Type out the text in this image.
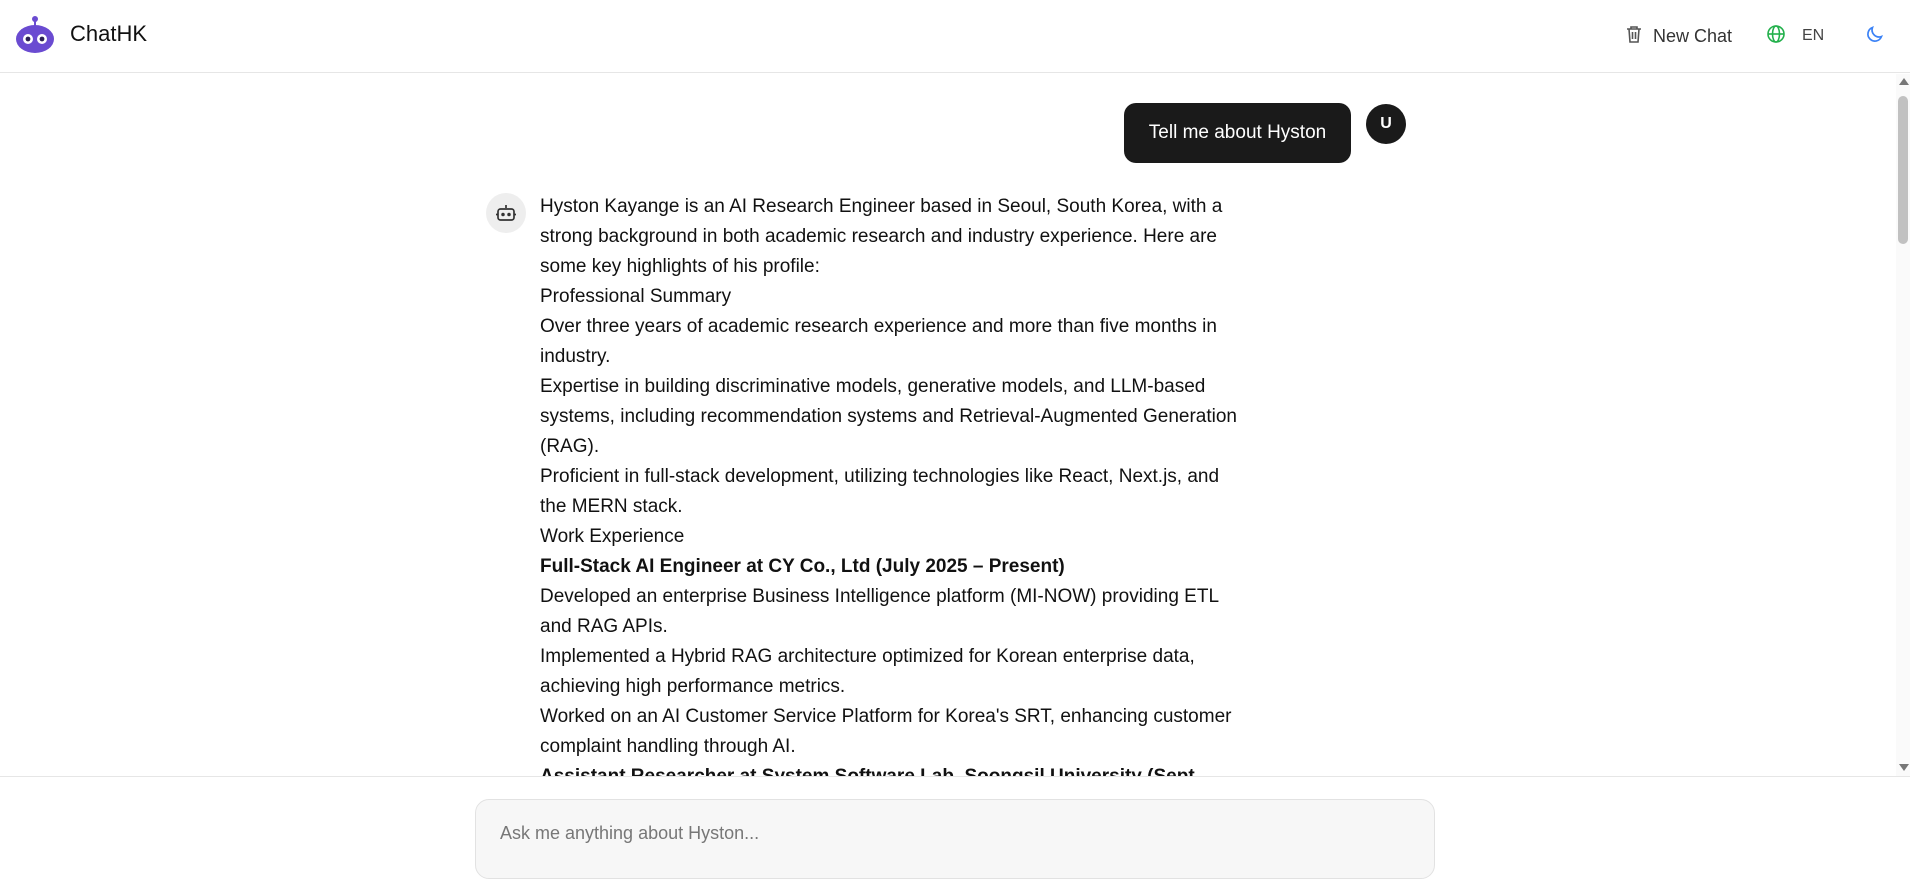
ChatHK	New Chat	EN
Tell me about Hyston	U

Hyston Kayange is an AI Research Engineer based in Seoul, South Korea, with a strong background in both academic research and industry experience. Here are some key highlights of his profile:

Professional Summary

Over three years of academic research experience and more than five months in industry.

Expertise in building discriminative models, generative models, and LLM-based systems, including recommendation systems and Retrieval-Augmented Generation (RAG).

Proficient in full-stack development, utilizing technologies like React, Next.js, and the MERN stack.

Work Experience

Full-Stack AI Engineer at CY Co., Ltd (July 2025 – Present)

Developed an enterprise Business Intelligence platform (MI-NOW) providing ETL and RAG APIs.

Implemented a Hybrid RAG architecture optimized for Korean enterprise data, achieving high performance metrics.

Worked on an AI Customer Service Platform for Korea's SRT, enhancing customer complaint handling through AI.

Ask me anything about Hyston...
